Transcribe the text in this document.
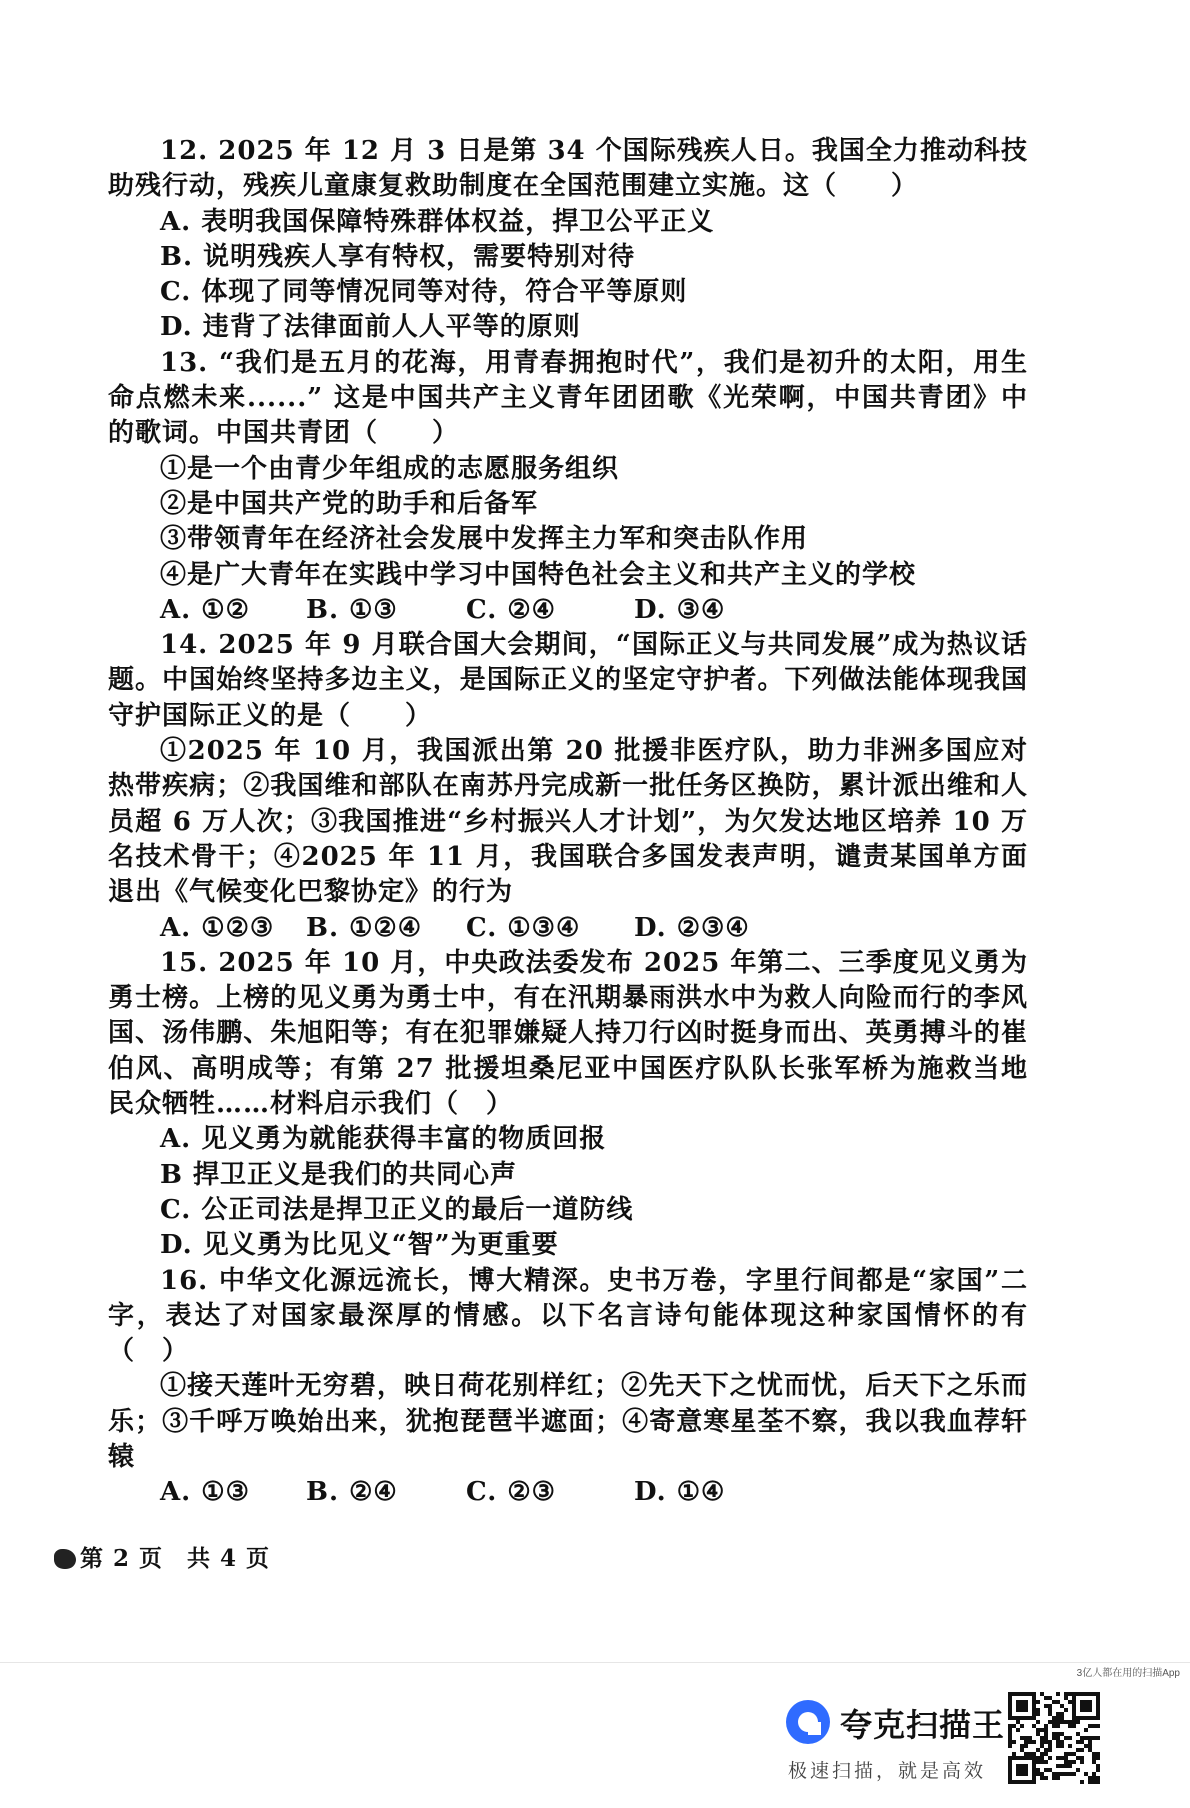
12. 2025 年 12 月 3 日是第 34 个国际残疾人日。我国全力推动科技助残行动，残疾儿童康复救助制度在全国范围建立实施。这（　　）
A. 表明我国保障特殊群体权益，捍卫公平正义
B. 说明残疾人享有特权，需要特别对待
C. 体现了同等情况同等对待，符合平等原则
D. 违背了法律面前人人平等的原则
13. “我们是五月的花海，用青春拥抱时代”，我们是初升的太阳，用生命点燃未来......” 这是中国共产主义青年团团歌《光荣啊，中国共青团》中的歌词。中国共青团（　　）
①是一个由青少年组成的志愿服务组织
②是中国共产党的助手和后备军
③带领青年在经济社会发展中发挥主力军和突击队作用
④是广大青年在实践中学习中国特色社会主义和共产主义的学校
A. ①② B. ①③	C. ②④	D. ③④
14. 2025 年 9 月联合国大会期间，“国际正义与共同发展”成为热议话题。中国始终坚持多边主义，是国际正义的坚定守护者。下列做法能体现我国守护国际正义的是（　　）
①2025 年 10 月，我国派出第 20 批援非医疗队，助力非洲多国应对热带疾病；②我国维和部队在南苏丹完成新一批任务区换防，累计派出维和人员超 6 万人次；③我国推进“乡村振兴人才计划”，为欠发达地区培养 10 万名技术骨干；④2025 年 11 月，我国联合多国发表声明，谴责某国单方面退出《气候变化巴黎协定》的行为
A. ①②③ B. ①②④ C. ①③④ D. ②③④
15. 2025 年 10 月，中央政法委发布 2025 年第二、三季度见义勇为勇士榜。上榜的见义勇为勇士中，有在汛期暴雨洪水中为救人向险而行的李风国、汤伟鹏、朱旭阳等；有在犯罪嫌疑人持刀行凶时挺身而出、英勇搏斗的崔伯风、高明成等；有第 27 批援坦桑尼亚中国医疗队队长张军桥为施救当地民众牺牲……材料启示我们（　）
A. 见义勇为就能获得丰富的物质回报
B 捍卫正义是我们的共同心声
C. 公正司法是捍卫正义的最后一道防线
D. 见义勇为比见义“智”为更重要
16. 中华文化源远流长，博大精深。史书万卷，字里行间都是“家国”二字，表达了对国家最深厚的情感。以下名言诗句能体现这种家国情怀的有（　）
①接天莲叶无穷碧，映日荷花别样红；②先天下之忧而忧，后天下之乐而乐；③千呼万唤始出来，犹抱琵琶半遮面；④寄意寒星荃不察，我以我血荐轩辕
A. ①③ B. ②④	C. ②③	D. ①④
第 2 页　共 4 页
3亿人都在用的扫描App
夸克扫描王
极速扫描，就是高效
